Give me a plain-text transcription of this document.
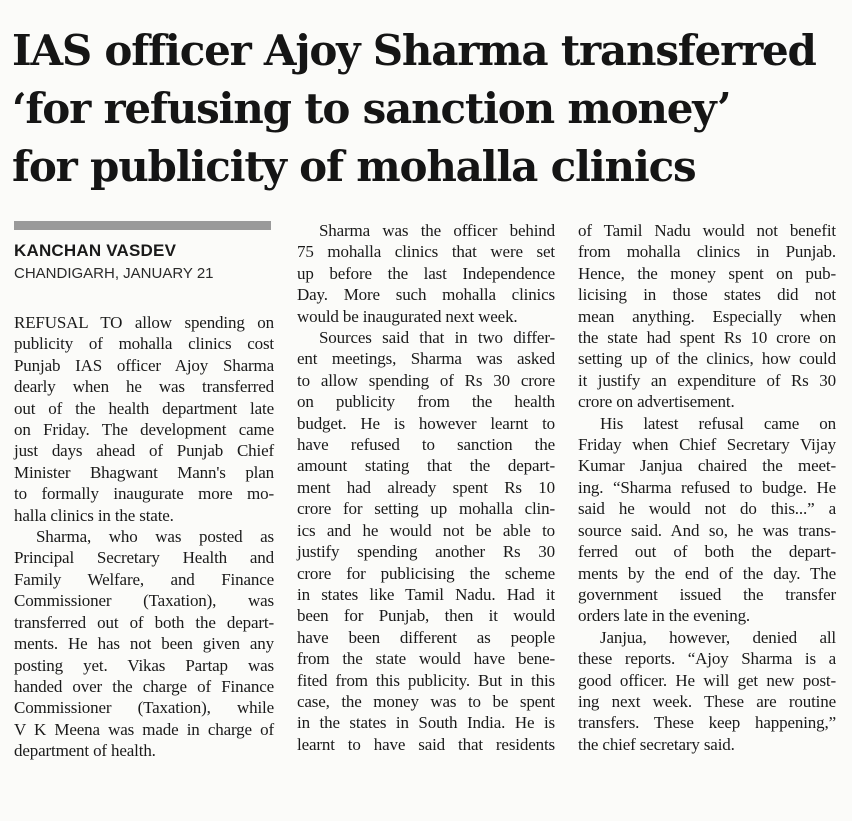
IAS officer Ajoy Sharma transferred
‘for refusing to sanction money’
for publicity of mohalla clinics
KANCHAN VASDEV
CHANDIGARH, JANUARY 21
REFUSAL TO allow spending on
publicity of mohalla clinics cost
Punjab IAS officer Ajoy Sharma
dearly when he was transferred
out of the health department late
on Friday. The development came
just days ahead of Punjab Chief
Minister Bhagwant Mann's plan
to formally inaugurate more mo-
halla clinics in the state.
Sharma, who was posted as
Principal Secretary Health and
Family Welfare, and Finance
Commissioner (Taxation), was
transferred out of both the depart-
ments. He has not been given any
posting yet. Vikas Partap was
handed over the charge of Finance
Commissioner (Taxation), while
V K Meena was made in charge of
department of health.
Sharma was the officer behind
75 mohalla clinics that were set
up before the last Independence
Day. More such mohalla clinics
would be inaugurated next week.
Sources said that in two differ-
ent meetings, Sharma was asked
to allow spending of Rs 30 crore
on publicity from the health
budget. He is however learnt to
have refused to sanction the
amount stating that the depart-
ment had already spent Rs 10
crore for setting up mohalla clin-
ics and he would not be able to
justify spending another Rs 30
crore for publicising the scheme
in states like Tamil Nadu. Had it
been for Punjab, then it would
have been different as people
from the state would have bene-
fited from this publicity. But in this
case, the money was to be spent
in the states in South India. He is
learnt to have said that residents
of Tamil Nadu would not benefit
from mohalla clinics in Punjab.
Hence, the money spent on pub-
licising in those states did not
mean anything. Especially when
the state had spent Rs 10 crore on
setting up of the clinics, how could
it justify an expenditure of Rs 30
crore on advertisement.
His latest refusal came on
Friday when Chief Secretary Vijay
Kumar Janjua chaired the meet-
ing. “Sharma refused to budge. He
said he would not do this...” a
source said. And so, he was trans-
ferred out of both the depart-
ments by the end of the day. The
government issued the transfer
orders late in the evening.
Janjua, however, denied all
these reports. “Ajoy Sharma is a
good officer. He will get new post-
ing next week. These are routine
transfers. These keep happening,”
the chief secretary said.
